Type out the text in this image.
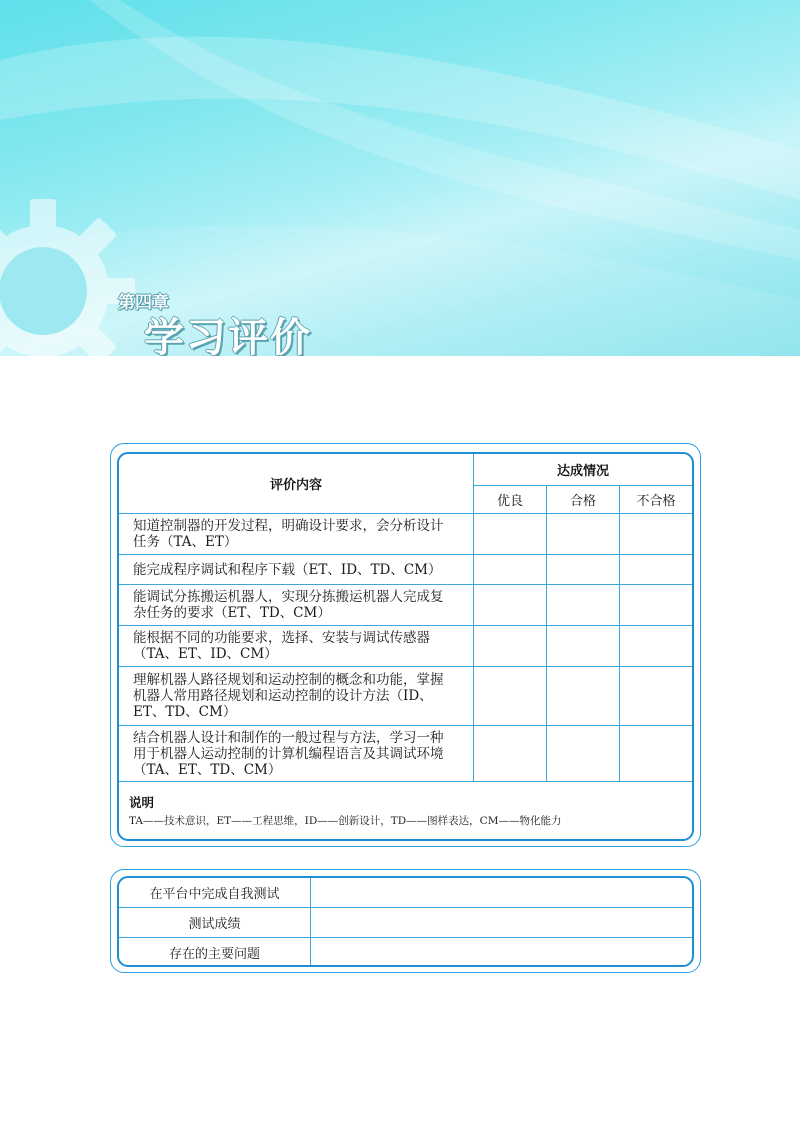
第四章
学习评价
评价内容	达成情况		
	优良	合格	不合格

知道控制器的开发过程，明确设计要求，会分析设计
任务（TA、ET）			

能完成程序调试和程序下载（ET、ID、TD、CM）			

能调试分拣搬运机器人，实现分拣搬运机器人完成复
杂任务的要求（ET、TD、CM）			

能根据不同的功能要求，选择、安装与调试传感器
（TA、ET、ID、CM）			

理解机器人路径规划和运动控制的概念和功能，掌握
机器人常用路径规划和运动控制的设计方法（ID、
ET、TD、CM）			

结合机器人设计和制作的一般过程与方法，学习一种
用于机器人运动控制的计算机编程语言及其调试环境
（TA、ET、TD、CM）			

说明
TA——技术意识，ET——工程思维，ID——创新设计，TD——图样表达，CM——物化能力
在平台中完成自我测试	
测试成绩	
存在的主要问题	
